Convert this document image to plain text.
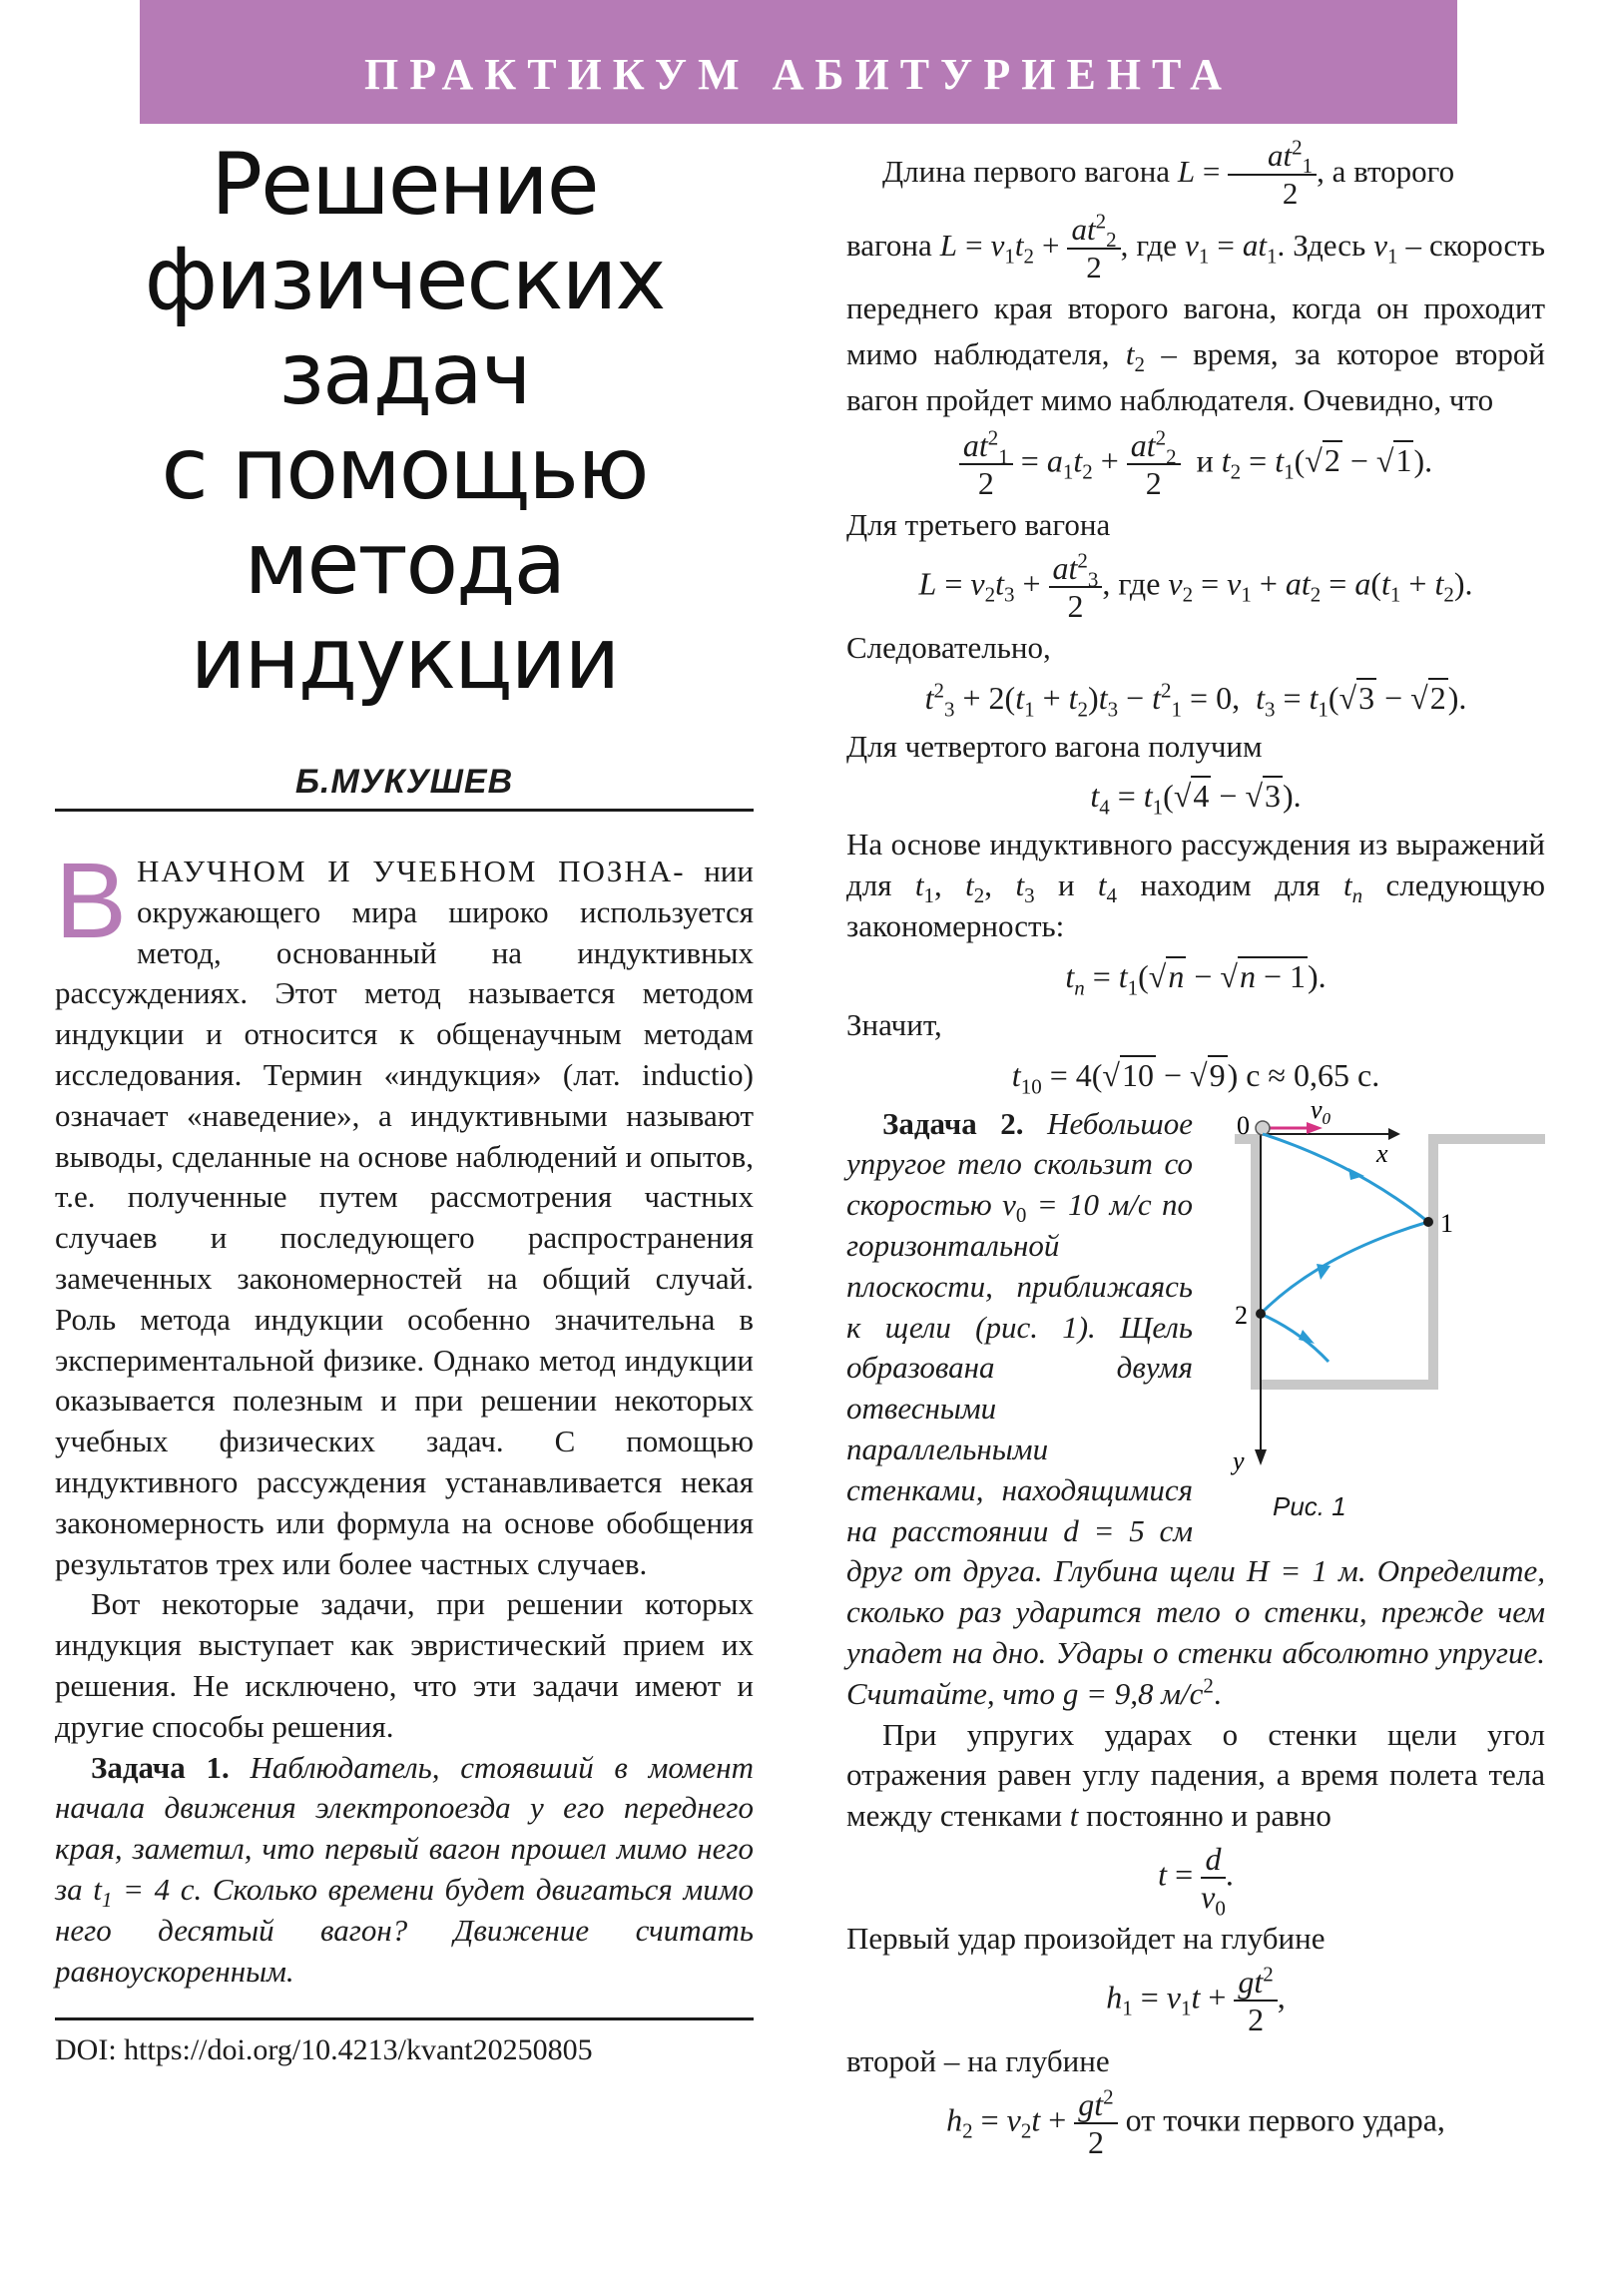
ПРАКТИКУМ АБИТУРИЕНТА
Решение
физических
задач
с помощью
метода
индукции
Б.МУКУШЕВ

ВНАУЧНОМ И УЧЕБНОМ ПОЗНА- нии окружающего мира широко используется метод, основанный на индуктивных рассуждениях. Этот метод называется методом индукции и относится к общенаучным методам исследования. Термин «индукция» (лат. inductio) означает «наведение», а индуктивными называют выводы, сделанные на основе наблюдений и опытов, т.е. полученные путем рассмотрения частных случаев и последующего распространения замеченных закономерностей на общий случай. Роль метода индукции особенно значительна в экспериментальной физике. Однако метод индукции оказывается полезным и при решении некоторых учебных физических задач. С помощью индуктивного рассуждения устанавливается некая закономерность или формула на основе обобщения результатов трех или более частных случаев.

Вот некоторые задачи, при решении которых индукция выступает как эвристический прием их решения. Не исключено, что эти задачи имеют и другие способы решения.

Задача 1. Наблюдатель, стоявший в момент начала движения электропоезда у его переднего края, заметил, что первый вагон прошел мимо него за $t_1 = 4$ с. Сколько времени будет двигаться мимо него десятый вагон? Движение считать равноускоренным.

DOI: https://doi.org/10.4213/kvant20250805

Длина первого вагона $L = \frac{at^2_1}{2}$ , а второго

вагона $L = v_1t_2 + \frac{at^2_2}{2}$ , где $v_1 = at_1$. Здесь $v_1$ – скорость переднего края второго вагона, когда он проходит мимо наблюдателя, $t_2$ – время, за которое второй вагон пройдет мимо наблюдателя. Очевидно, что

$\frac{at^2_1}{2} = a_1t_2 + \frac{at^2_2}{2}$ и $t_2 = t_1(√2 - √1)$.

Для третьего вагона

$L = v_2t_3 + \frac{at^2_3}{2}$ , где $v_2 = v_1 + at_2 = a(t_1 + t_2)$.

Следовательно,

$t^2_3 + 2(t_1 + t_2)t_3 - t^2_1 = 0$,  $t_3 = t_1(√3 - √2)$.

Для четвертого вагона получим

$t_4 = t_1(√4 - √3)$.

На основе индуктивного рассуждения из выражений для $t_1$, $t_2$, $t_3$ и $t_4$ находим для $t_n$ следующую закономерность:

$t_n = t_1(√n - √n - 1)$.

Значит,

$t_{10} = 4(√10 - √9) с \approx 0,65$ с.
0
x
y
1
2
$v_0$
Рис. 1

Задача 2. Небольшое упругое тело скользит со скоростью $v_0 = 10$ м/с по горизонтальной плоскости, приближаясь к щели (рис. 1). Щель образована двумя отвесными параллельными стенками, находящимися на расстоянии d = 5 см друг от друга. Глубина щели H = 1 м. Определите, сколько раз ударится тело о стенки, прежде чем упадет на дно. Удары о стенки абсолютно упругие. Считайте, что g = 9,8 $м/с^2$.

При упругих ударах о стенки щели угол отражения равен углу падения, а время полета тела между стенками t постоянно и равно

$t = \frac{d}{v_0}$ .

Первый удар произойдет на глубине

$h_1 = v_1t + \frac{gt^2}{2}$ ,

второй – на глубине

$h_2 = v_2t + \frac{gt^2}{2}$ от точки первого удара,
